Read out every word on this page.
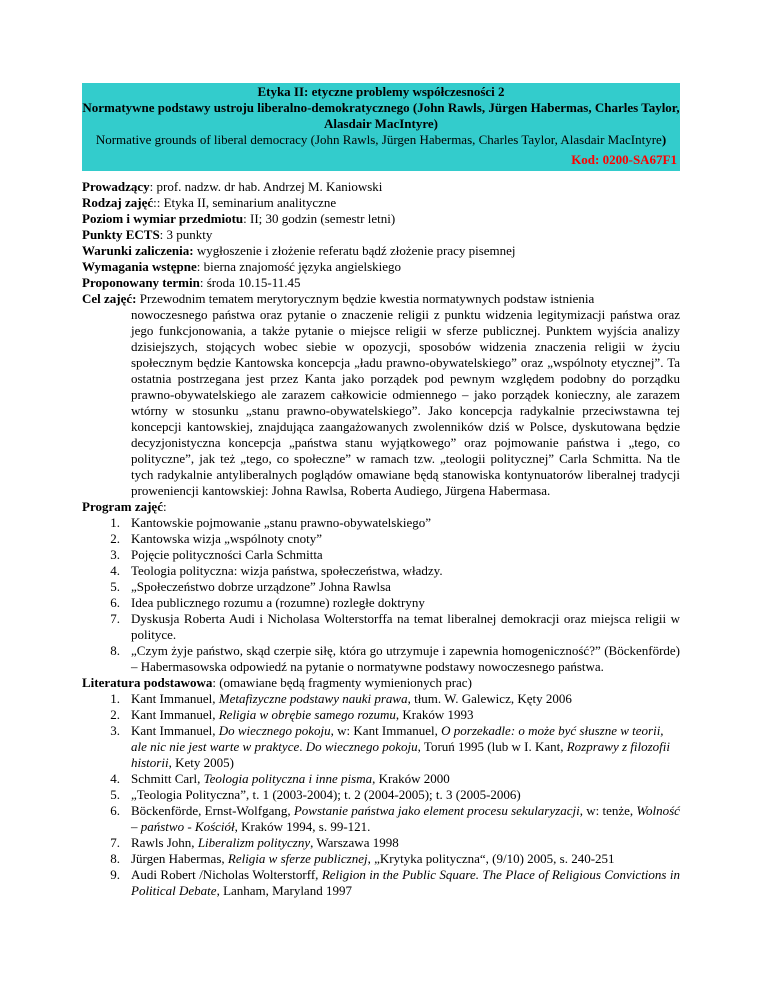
Etyka II: etyczne problemy współczesności 2
Normatywne podstawy ustroju liberalno-demokratycznego (John Rawls, Jürgen Habermas, Charles Taylor, Alasdair MacIntyre)
Normative grounds of liberal democracy (John Rawls, Jürgen Habermas, Charles Taylor, Alasdair MacIntyre)
Kod: 0200-SA67F1
Prowadzący: prof. nadzw. dr hab. Andrzej M. Kaniowski
Rodzaj zajęć:: Etyka II, seminarium analityczne
Poziom i wymiar przedmiotu: II; 30 godzin (semestr letni)
Punkty ECTS: 3 punkty
Warunki zaliczenia: wygłoszenie i złożenie referatu bądź złożenie pracy pisemnej
Wymagania wstępne: bierna znajomość języka angielskiego
Proponowany termin: środa 10.15-11.45
Cel zajęć: Przewodnim tematem merytorycznym będzie kwestia normatywnych podstaw istnienia
nowoczesnego państwa oraz pytanie o znaczenie religii z punktu widzenia legitymizacji państwa oraz jego funkcjonowania, a także pytanie o miejsce religii w sferze publicznej. Punktem wyjścia analizy dzisiejszych, stojących wobec siebie w opozycji, sposobów widzenia znaczenia religii w życiu społecznym będzie Kantowska koncepcja „ładu prawno-obywatelskiego” oraz „wspólnoty etycznej”. Ta ostatnia postrzegana jest przez Kanta jako porządek pod pewnym względem podobny do porządku prawno-obywatelskiego ale zarazem całkowicie odmiennego – jako porządek konieczny, ale zarazem wtórny w stosunku „stanu prawno-obywatelskiego”. Jako koncepcja radykalnie przeciwstawna tej koncepcji kantowskiej, znajdująca zaangażowanych zwolenników dziś w Polsce, dyskutowana będzie decyzjonistyczna koncepcja „państwa stanu wyjątkowego” oraz pojmowanie państwa i „tego, co polityczne”, jak też „tego, co społeczne” w ramach tzw. „teologii politycznej” Carla Schmitta. Na tle tych radykalnie antyliberalnych poglądów omawiane będą stanowiska kontynuatorów liberalnej tradycji proweniencji kantowskiej: Johna Rawlsa, Roberta Audiego, Jürgena Habermasa.
Program zajęć:
1. Kantowskie pojmowanie „stanu prawno-obywatelskiego”
2. Kantowska wizja „wspólnoty cnoty”
3. Pojęcie polityczności Carla Schmitta
4. Teologia polityczna: wizja państwa, społeczeństwa, władzy.
5. „Społeczeństwo dobrze urządzone” Johna Rawlsa
6. Idea publicznego rozumu a (rozumne) rozległe doktryny
7. Dyskusja Roberta Audi i Nicholasa Wolterstorffa na temat liberalnej demokracji oraz miejsca religii w polityce.
8. „Czym żyje państwo, skąd czerpie siłę, która go utrzymuje i zapewnia homogeniczność?” (Böckenförde) – Habermasowska odpowiedź na pytanie o normatywne podstawy nowoczesnego państwa.
Literatura podstawowa: (omawiane będą fragmenty wymienionych prac)
1. Kant Immanuel, Metafizyczne podstawy nauki prawa, tłum. W. Galewicz, Kęty 2006
2. Kant Immanuel, Religia w obrębie samego rozumu, Kraków 1993
3. Kant Immanuel, Do wiecznego pokoju, w: Kant Immanuel, O porzekadle: o może być słuszne w teorii, ale nic nie jest warte w praktyce. Do wiecznego pokoju, Toruń 1995 (lub w I. Kant, Rozprawy z filozofii historii, Kety 2005)
4. Schmitt Carl, Teologia polityczna i inne pisma, Kraków 2000
5. „Teologia Polityczna”, t. 1 (2003-2004); t. 2 (2004-2005); t. 3 (2005-2006)
6. Böckenförde, Ernst-Wolfgang, Powstanie państwa jako element procesu sekularyzacji, w: tenże, Wolność – państwo - Kościół, Kraków 1994, s. 99-121.
7. Rawls John, Liberalizm polityczny, Warszawa 1998
8. Jürgen Habermas, Religia w sferze publicznej, „Krytyka polityczna“, (9/10) 2005, s. 240-251
9. Audi Robert /Nicholas Wolterstorff, Religion in the Public Square. The Place of Religious Convictions in Political Debate, Lanham, Maryland 1997
